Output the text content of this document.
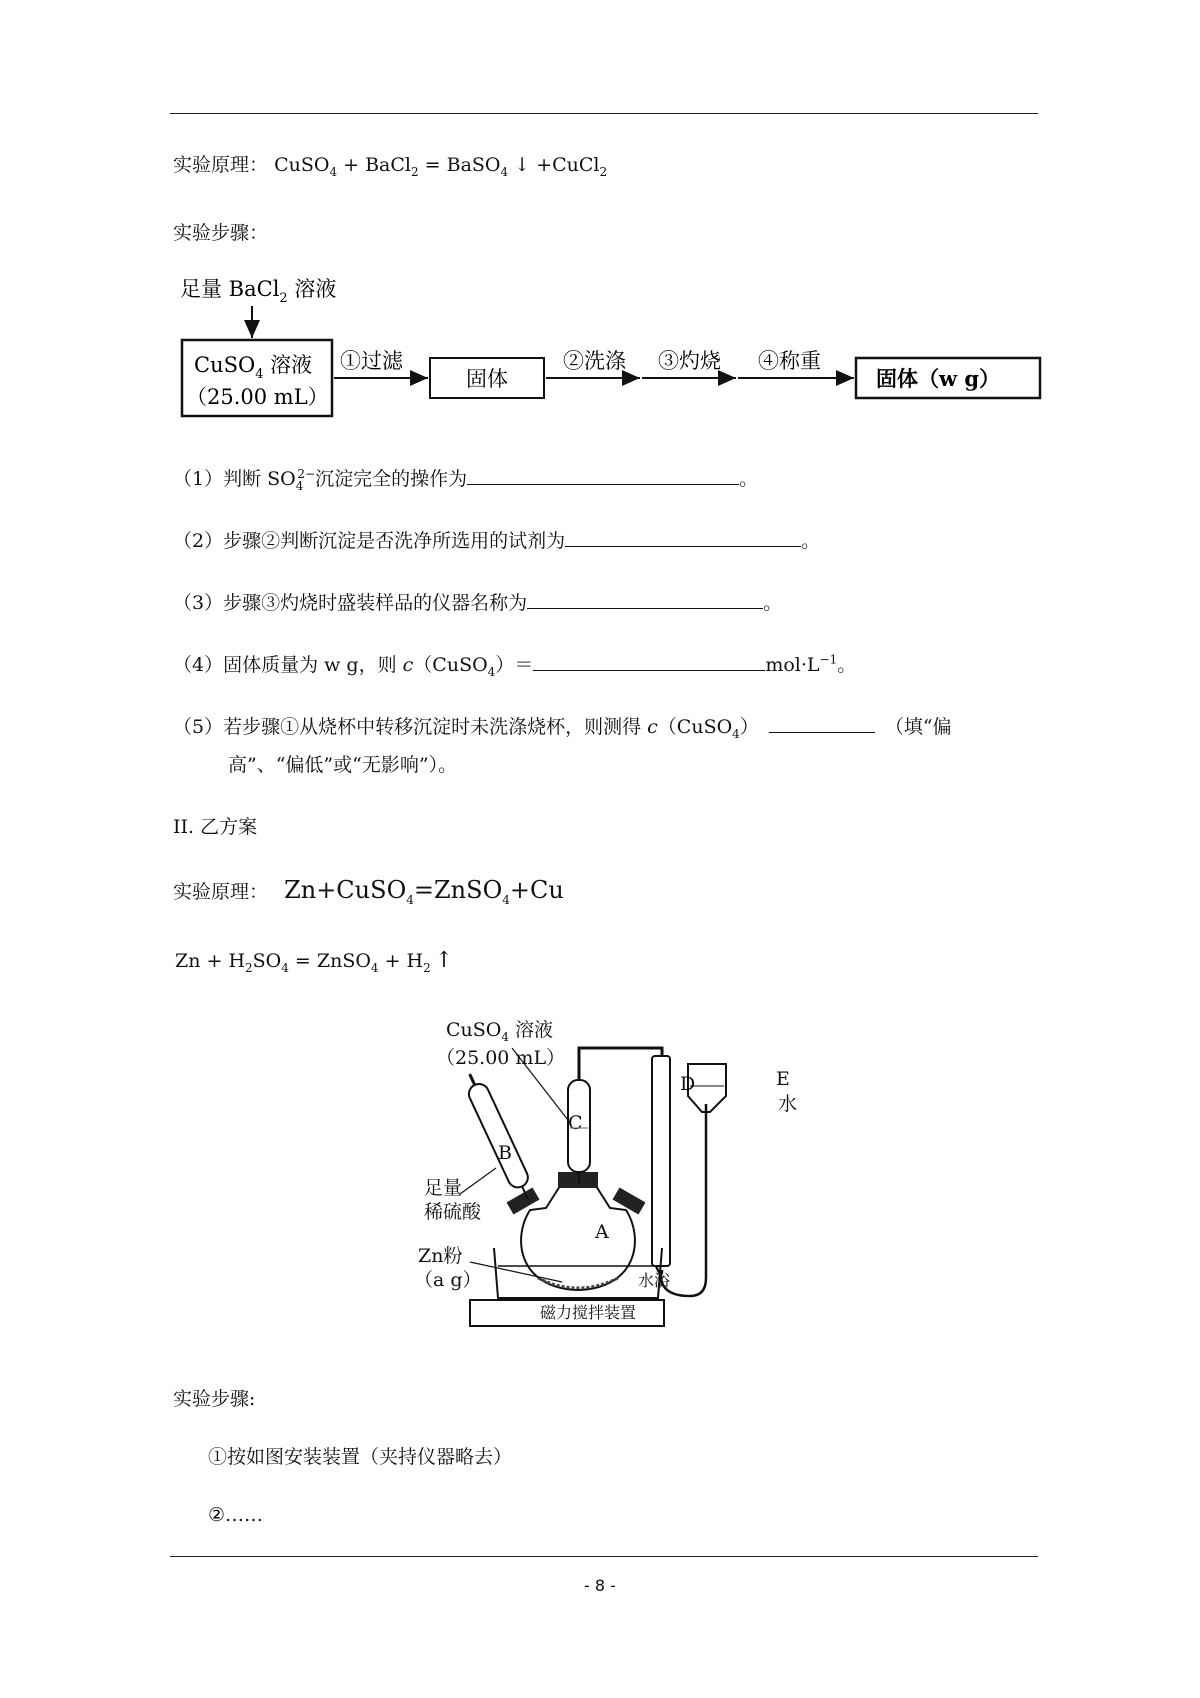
实验原理： CuSO$_4$ + BaCl$_2$ = BaSO$_4$ ↓ +CuCl$_2$
实验步骤：
足量 BaCl$_2$ 溶液
CuSO$_4$ 溶液
（25.00 mL）
①过滤
固体
②洗涤 ③灼烧 ④称重
固体（w g）
（1）判断 $SO_4^{2-}$沉淀完全的操作为	。
（2）步骤②判断沉淀是否洗净所选用的试剂为	。
（3）步骤③灼烧时盛装样品的仪器名称为	。
（4）固体质量为 w g，则 c（CuSO$_4$）＝	$mol\cdot L^{-1}$。
（5）若步骤①从烧杯中转移沉淀时未洗涤烧杯，则测得 c（CuSO$_4$）	（填“偏
高”、“偏低”或“无影响”）。
II. 乙方案
实验原理： Zn+CuSO$_4$=ZnSO$_4$+Cu
$Zn + H_2SO_4$ = ZnSO$_4$ + $H_2$ ↑
CuSO$_4$ 溶液
（25.00 mL）
B
C
D	E
水
A
足量
稀硫酸
Zn粉
（a g）	水浴
磁力搅拌装置
实验步骤:
①按如图安装装置（夹持仪器略去）
②……
- 8 -
